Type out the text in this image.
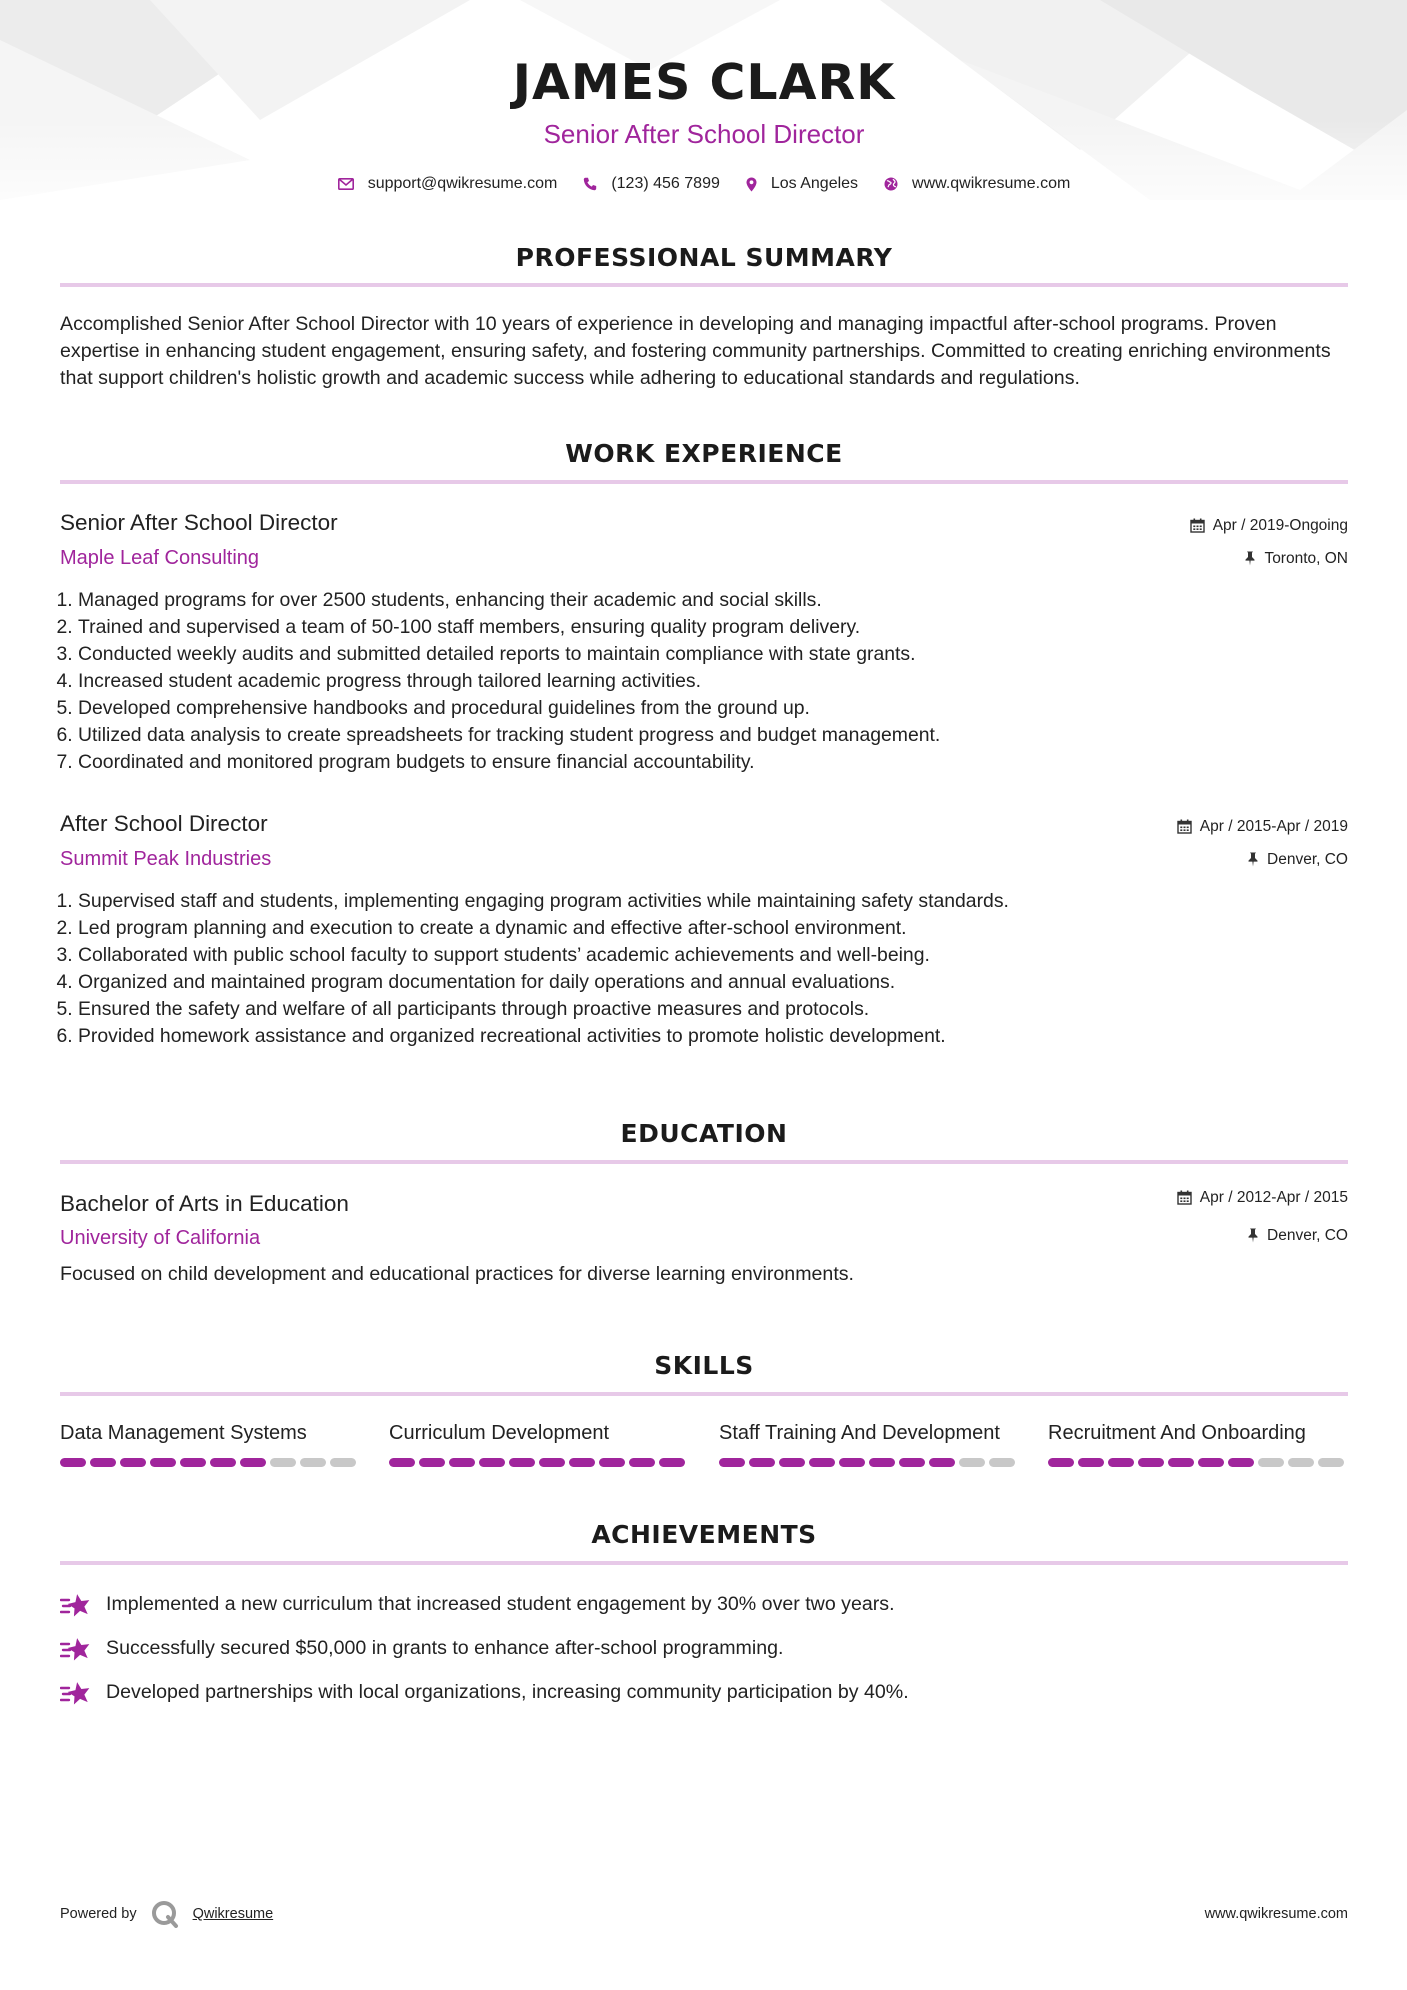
JAMES CLARK
Senior After School Director
support@qwikresume.com	(123) 456 7899	Los Angeles	www.qwikresume.com
PROFESSIONAL SUMMARY
Accomplished Senior After School Director with 10 years of experience in developing and managing impactful after-school programs. Proven expertise in enhancing student engagement, ensuring safety, and fostering community partnerships. Committed to creating enriching environments that support children's holistic growth and academic success while adhering to educational standards and regulations.
WORK EXPERIENCE
Senior After School Director
Maple Leaf Consulting
Apr / 2019-Ongoing
Toronto, ON
1. Managed programs for over 2500 students, enhancing their academic and social skills.
2. Trained and supervised a team of 50-100 staff members, ensuring quality program delivery.
3. Conducted weekly audits and submitted detailed reports to maintain compliance with state grants.
4. Increased student academic progress through tailored learning activities.
5. Developed comprehensive handbooks and procedural guidelines from the ground up.
6. Utilized data analysis to create spreadsheets for tracking student progress and budget management.
7. Coordinated and monitored program budgets to ensure financial accountability.
After School Director
Summit Peak Industries
Apr / 2015-Apr / 2019
Denver, CO
1. Supervised staff and students, implementing engaging program activities while maintaining safety standards.
2. Led program planning and execution to create a dynamic and effective after-school environment.
3. Collaborated with public school faculty to support students’ academic achievements and well-being.
4. Organized and maintained program documentation for daily operations and annual evaluations.
5. Ensured the safety and welfare of all participants through proactive measures and protocols.
6. Provided homework assistance and organized recreational activities to promote holistic development.
EDUCATION
Bachelor of Arts in Education
University of California
Apr / 2012-Apr / 2015
Denver, CO
Focused on child development and educational practices for diverse learning environments.
SKILLS
Data Management Systems	Curriculum Development	Staff Training And Development	Recruitment And Onboarding
ACHIEVEMENTS
Implemented a new curriculum that increased student engagement by 30% over two years.
Successfully secured $50,000 in grants to enhance after-school programming.
Developed partnerships with local organizations, increasing community participation by 40%.
Powered by	Qwikresume	www.qwikresume.com
